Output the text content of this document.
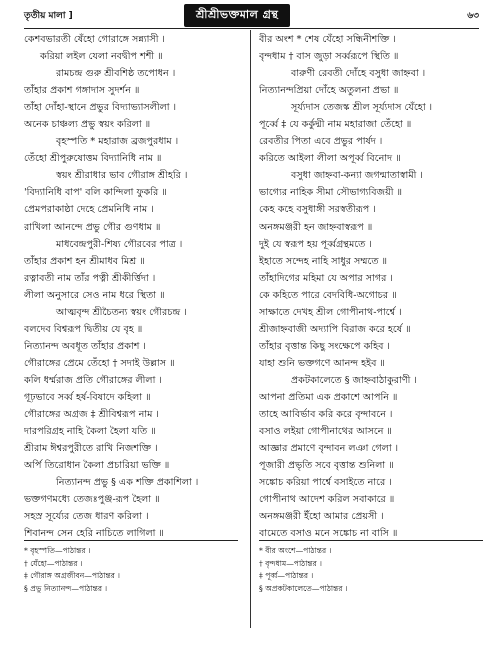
তৃতীয় মালা ]	শ্রীশ্রীভক্তমাল গ্রন্থ	৬৩
কেশবভারতী ষেঁহো গোরাঙ্গে সন্ন্যাসী ।
করিয়া লইল যেলা নবদ্বীপ শশী ॥
রামচন্দ্র গুরু শ্রীবশিষ্ঠ তপোধন ।
তাঁহার প্রকাশ গঙ্গাদাস সুদর্শন ॥
তাঁহা দোঁহা-স্থানে প্রভুর বিদ্যাভ্যাসলীলা ।
অনেক চাঞ্চল্য প্রভু স্বয়ং করিলা ॥
বৃহস্পতি * মহারাজ ব্রজপুরধাম ।
তেঁহো শ্রীপুরুষোত্তম বিদ্যানিধি নাম ॥
স্বয়ং শ্রীরাধার ভাব গৌরাঙ্গ শ্রীহরি ।
'বিদ্যানিধি বাপ' বলি কান্দিলা ফুকরি ॥
প্রেমপরাকাষ্ঠা দেহে প্রেমনিধি নাম ।
রাখিলা আনন্দে প্রভু গৌর গুণধাম ॥
মাধবেন্দ্রপুরী-শিষ্য গৌরবের পাত্র ।
তাঁহার প্রকাশ হন শ্রীমাধব মিশ্র ॥
রত্নাবতী নাম তাঁর পত্নী শ্রীকীর্ত্তিদা ।
লীলা অনুসারে সেও নাম ধরে স্থিতা ॥
আত্মবৃন্দ শ্রীচৈতন্য স্বয়ং গৌরচন্দ্র ।
বলদেব বিশ্বরূপ দ্বিতীয় যে বৃহ ॥
নিত্যানন্দ অবধূত তাঁহার প্রকাশ ।
গৌরাঙ্গের প্রেমে তেঁহো † সদাই উল্লাস ॥
কলি ধর্ম্মরাজ প্রতি গৌরাঙ্গের লীলা ।
গূঢ়ভাবে সর্ব্ব হর্ষ-বিষাদে কহিলা ॥
গৌরাঙ্গের অগ্রজ ‡ শ্রীবিশ্বরূপ নাম ।
দারপরিগ্রহ নাহি কৈলা হৈলা যতি ॥
শ্রীরাম ঈশ্বরপুরীতে রাখি নিজশক্তি ।
অর্পি তিরোধান কৈলা প্রচারিয়া ভক্তি ॥
নিত্যানন্দ প্রভু § এক শক্তি প্রকাশিলা ।
ভক্তগণমধ্যে তেজঃপুঞ্জ-রূপ হৈলা ॥
সহস্র সূর্য্যের তেজ ধারণ করিলা ।
শিবানন্দ সেন হেরি নাচিতে লাগিলা ॥
বীর অংশ * শেষ যেঁহো সন্ধিনীশক্তি ।
বৃন্দধাম † বাস জুড়া সর্ব্বরূপে স্থিতি ॥
বারুণী রেবতী দোঁহে বসুধা জাহ্নবা ।
নিত্যানন্দপ্রিয়া দোঁহে অতুলনা প্রভা ॥
সূর্য্যদাস তেজস্ক শ্রীল সূর্য্যদাস যেঁহো ।
পূর্ব্বে ‡ যে কর্কুদ্মী নাম মহারাজা তেঁহো ॥
রেবতীর পিতা এবে প্রভুর পার্ষদ ।
করিতে আইলা লীলা অপূর্ব্ব বিনোদ ॥
বসুধা জাহ্নবা-কন্যা জগন্মাতাস্বামী ।
ভাগ্যের নাহিক সীমা সৌভাগ্যবিজয়ী ॥
কেহ কহে বসুধাঙ্গী সরস্বতীরূপ ।
অনঙ্গমঞ্জরী হন জাহ্নবাস্বরূপ ॥
দুই যে স্বরূপ হয় পূর্ব্বগ্রন্থমতে ।
ইহাতে সন্দেহ নাহি সাধুর সম্মতে ॥
তাঁহাদিগের মহিমা যে অপার সাগর ।
কে কহিতে পারে বেদবিধি-অগোচর ॥
সাক্ষাতে দেখহ শ্রীল গোপীনাথ-পার্শ্বে ।
শ্রীজাহ্নবাজী অদ্যাপি বিরাজ করে হর্ষে ॥
তাঁহার বৃত্তান্ত কিছু সংক্ষেপে কহিব ।
যাহা শুনি ভক্তগণে আনন্দ হইব ॥
প্রকটকালেতে § জাহ্নবাঠাকুরাণী ।
আপনা প্রতিমা এক প্রকাশে আপনি ॥
তাহে আবির্ভাব করি করে বৃন্দাবনে ।
বসাও লইয়া গোপীনাথের আসনে ॥
আজ্ঞার প্রমাণে বৃন্দাবন লঞা গেলা ।
পূজারী প্রভৃতি সবে বৃত্তান্ত শুনিলা ॥
সঙ্কোচ করিয়া পার্শ্বে বসাইতে নারে ।
গোপীনাথ আদেশ করিল সবাকারে ॥
অনঙ্গমঞ্জরী ইঁহো আমার প্রেয়সী ।
বামেতে বসাও মনে সঙ্কোচ না বাসি ॥
* বৃহস্পতি—পাঠান্তর ।
† যেঁহো—পাঠান্তর ।
‡ গৌরাঙ্গ অগ্রজীবন—পাঠান্তর ।
§ প্রভু নিত্যানন্দ—পাঠান্তর ।
* বীর অংশে—পাঠান্তর ।
† বৃন্দধাম—পাঠান্তর ।
‡ পূর্ব্ব—পাঠান্তর ।
§ অপ্রকটকালেতে—পাঠান্তর ।
